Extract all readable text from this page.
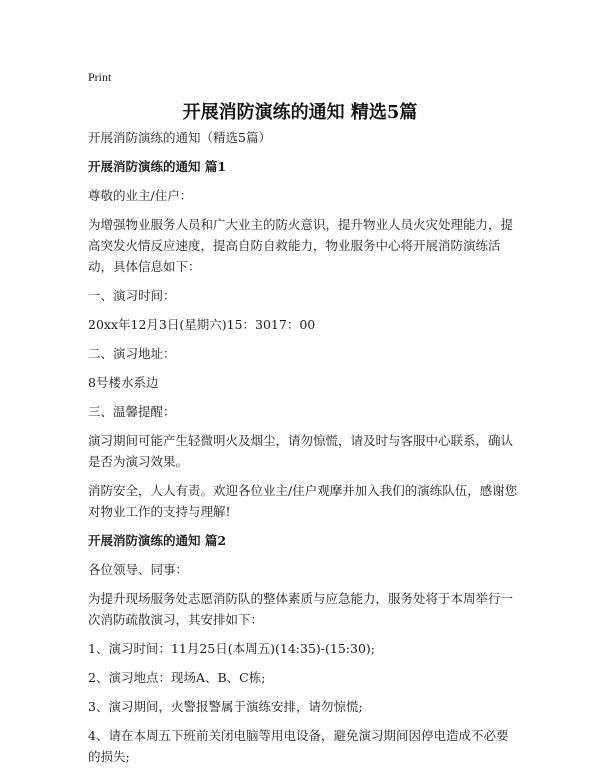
Print
开展消防演练的通知 精选5篇

开展消防演练的通知（精选5篇）

开展消防演练的通知 篇1

尊敬的业主/住户：

为增强物业服务人员和广大业主的防火意识，提升物业人员火灾处理能力，提高突发火情反应速度，提高自防自救能力，物业服务中心将开展消防演练活动，具体信息如下：

一、演习时间：

20xx年12月3日(星期六)15：3017：00

二、演习地址：

8号楼水系边

三、温馨提醒：

演习期间可能产生轻微明火及烟尘，请勿惊慌，请及时与客服中心联系，确认是否为演习效果。

消防安全，人人有责。欢迎各位业主/住户观摩并加入我们的演练队伍，感谢您对物业工作的支持与理解!

开展消防演练的通知 篇2

各位领导、同事：

为提升现场服务处志愿消防队的整体素质与应急能力，服务处将于本周举行一次消防疏散演习，其安排如下：

1、演习时间：11月25日(本周五)(14:35)-(15:30);

2、演习地点：现场A、B、C栋;

3、演习期间，火警报警属于演练安排，请勿惊慌;

4、请在本周五下班前关闭电脑等用电设备，避免演习期间因停电造成不必要的损失;
